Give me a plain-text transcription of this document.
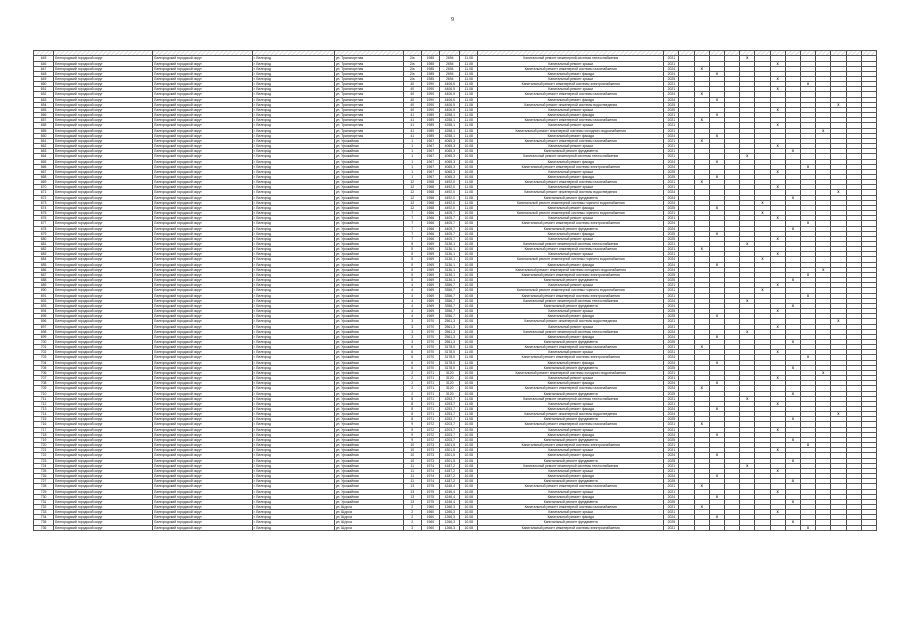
9

645	Белгородский городской округ	Белгородский городской округ	г. Белгород	ул. Транспортная	2/а	1985	2694	11.08	Капитальный ремонт инженерной системы теплоснабжения	2021					X								
646	Белгородский городской округ	Белгородский городской округ	г. Белгород	ул. Транспортная	2/а	1985	2694	11.08	Капитальный ремонт крыши	2021							X						
647	Белгородский городской округ	Белгородский городской округ	г. Белгород	ул. Транспортная	2/а	1985	2694	11.08	Капитальный ремонт инженерной системы газоснабжения	2024		X											
648	Белгородский городской округ	Белгородский городской округ	г. Белгород	ул. Транспортная	2/а	1985	2694	11.08	Капитальный ремонт фасада	2024			X										
649	Белгородский городской округ	Белгородский городской округ	г. Белгород	ул. Транспортная	2/а	1985	2694	11.08	Капитальный ремонт крыши	2025							X						
650	Белгородский городской округ	Белгородский городской округ	г. Белгород	ул. Транспортная	40	1990	4406,5	11.08	Капитальный ремонт инженерной системы электроснабжения	2021									X				
651	Белгородский городской округ	Белгородский городской округ	г. Белгород	ул. Транспортная	40	1990	4406,5	11.08	Капитальный ремонт крыши	2021							X						
652	Белгородский городской округ	Белгородский городской округ	г. Белгород	ул. Транспортная	40	1990	4406,5	11.08	Капитальный ремонт инженерной системы газоснабжения	2024		X											
653	Белгородский городской округ	Белгородский городской округ	г. Белгород	ул. Транспортная	40	1990	4406,5	11.08	Капитальный ремонт фасада	2024			X										
654	Белгородский городской округ	Белгородский городской округ	г. Белгород	ул. Транспортная	40	1990	4406,5	11.08	Капитальный ремонт инженерной системы водоотведения	2025											X		
655	Белгородский городской округ	Белгородский городской округ	г. Белгород	ул. Транспортная	40	1990	4406,5	11.08	Капитальный ремонт крыши	2025							X						
656	Белгородский городской округ	Белгородский городской округ	г. Белгород	ул. Транспортная	41	1989	4258,1	11.08	Капитальный ремонт фасада	2021			X										
657	Белгородский городской округ	Белгородский городской округ	г. Белгород	ул. Транспортная	41	1989	4258,1	11.08	Капитальный ремонт инженерной системы газоснабжения	2021		X											
658	Белгородский городской округ	Белгородский городской округ	г. Белгород	ул. Транспортная	41	1989	4258,1	11.08	Капитальный ремонт крыши	2021							X						
659	Белгородский городской округ	Белгородский городской округ	г. Белгород	ул. Транспортная	41	1989	4258,1	11.08	Капитальный ремонт инженерной системы холодного водоснабжения	2021										X			
660	Белгородский городской округ	Белгородский городской округ	г. Белгород	ул. Транспортная	41	1989	4258,1	11.08	Капитальный ремонт фасада	2024			X										
661	Белгородский городской округ	Белгородский городской округ	г. Белгород	ул. Урожайная	1	1967	4065,3	10.08	Капитальный ремонт инженерной системы газоснабжения	2021		X											
662	Белгородский городской округ	Белгородский городской округ	г. Белгород	ул. Урожайная	1	1967	4065,3	10.08	Капитальный ремонт крыши	2021							X						
663	Белгородский городской округ	Белгородский городской округ	г. Белгород	ул. Урожайная	1	1967	4065,3	10.08	Капитальный ремонт фундамента	2021								X					
664	Белгородский городской округ	Белгородский городской округ	г. Белгород	ул. Урожайная	1	1967	4065,3	10.08	Капитальный ремонт инженерной системы теплоснабжения	2021					X								
665	Белгородский городской округ	Белгородский городской округ	г. Белгород	ул. Урожайная	1	1967	4065,3	10.08	Капитальный ремонт фасада	2024			X										
666	Белгородский городской округ	Белгородский городской округ	г. Белгород	ул. Урожайная	1	1967	4065,3	10.08	Капитальный ремонт инженерной системы электроснабжения	2024									X				
667	Белгородский городской округ	Белгородский городской округ	г. Белгород	ул. Урожайная	1	1967	4065,3	10.08	Капитальный ремонт крыши	2025							X						
668	Белгородский городской округ	Белгородский городской округ	г. Белгород	ул. Урожайная	1	1967	4065,3	10.08	Капитальный ремонт фасада	2025			X										
669	Белгородский городской округ	Белгородский городской округ	г. Белгород	ул. Урожайная	12	1968	4492,0	11.08	Капитальный ремонт инженерной системы газоснабжения	2021		X											
670	Белгородский городской округ	Белгородский городской округ	г. Белгород	ул. Урожайная	12	1968	4492,0	11.08	Капитальный ремонт крыши	2021							X						
671	Белгородский городской округ	Белгородский городской округ	г. Белгород	ул. Урожайная	12	1968	4492,0	11.08	Капитальный ремонт инженерной системы водоотведения	2024											X		
672	Белгородский городской округ	Белгородский городской округ	г. Белгород	ул. Урожайная	12	1968	4492,0	11.08	Капитальный ремонт фундамента	2024								X					
673	Белгородский городской округ	Белгородский городской округ	г. Белгород	ул. Урожайная	12	1968	4492,0	11.08	Капитальный ремонт инженерной системы горячего водоснабжения	2024						X							
674	Белгородский городской округ	Белгородский городской округ	г. Белгород	ул. Урожайная	12	1968	4492,0	11.08	Капитальный ремонт фасада	2025			X										
675	Белгородский городской округ	Белгородский городской округ	г. Белгород	ул. Урожайная	7	1966	4405,7	10.08	Капитальный ремонт инженерной системы горячего водоснабжения	2021						X							
676	Белгородский городской округ	Белгородский городской округ	г. Белгород	ул. Урожайная	7	1966	4405,7	10.08	Капитальный ремонт крыши	2021							X						
677	Белгородский городской округ	Белгородский городской округ	г. Белгород	ул. Урожайная	7	1966	4405,7	10.08	Капитальный ремонт инженерной системы электроснабжения	2024									X				
678	Белгородский городской округ	Белгородский городской округ	г. Белгород	ул. Урожайная	7	1966	4405,7	10.08	Капитальный ремонт фундамента	2024								X					
679	Белгородский городской округ	Белгородский городской округ	г. Белгород	ул. Урожайная	7	1966	4405,7	10.08	Капитальный ремонт фасада	2025			X										
680	Белгородский городской округ	Белгородский городской округ	г. Белгород	ул. Урожайная	7	1966	4405,7	10.08	Капитальный ремонт крыши	2025							X						
681	Белгородский городской округ	Белгородский городской округ	г. Белгород	ул. Урожайная	5	1969	3136,1	10.08	Капитальный ремонт инженерной системы теплоснабжения	2021					X								
682	Белгородский городской округ	Белгородский городской округ	г. Белгород	ул. Урожайная	5	1969	3136,1	10.08	Капитальный ремонт инженерной системы газоснабжения	2021		X											
683	Белгородский городской округ	Белгородский городской округ	г. Белгород	ул. Урожайная	5	1969	3136,1	10.08	Капитальный ремонт крыши	2021							X						
684	Белгородский городской округ	Белгородский городской округ	г. Белгород	ул. Урожайная	5	1969	3136,1	10.08	Капитальный ремонт инженерной системы горячего водоснабжения	2024						X							
685	Белгородский городской округ	Белгородский городской округ	г. Белгород	ул. Урожайная	5	1969	3136,1	10.08	Капитальный ремонт фасада	2024			X										
686	Белгородский городской округ	Белгородский городской округ	г. Белгород	ул. Урожайная	5	1969	3136,1	10.08	Капитальный ремонт инженерной системы холодного водоснабжения	2024										X			
687	Белгородский городской округ	Белгородский городской округ	г. Белгород	ул. Урожайная	5	1969	3136,1	10.08	Капитальный ремонт инженерной системы электроснабжения	2025									X				
688	Белгородский городской округ	Белгородский городской округ	г. Белгород	ул. Урожайная	5	1969	3136,1	10.08	Капитальный ремонт фундамента	2025								X					
689	Белгородский городской округ	Белгородский городской округ	г. Белгород	ул. Урожайная	4	1969	3356,7	10.08	Капитальный ремонт крыши	2021							X						
690	Белгородский городской округ	Белгородский городской округ	г. Белгород	ул. Урожайная	4	1969	3356,7	10.08	Капитальный ремонт инженерной системы горячего водоснабжения	2021						X							
691	Белгородский городской округ	Белгородский городской округ	г. Белгород	ул. Урожайная	4	1969	3356,7	10.08	Капитальный ремонт инженерной системы электроснабжения	2021									X				
692	Белгородский городской округ	Белгородский городской округ	г. Белгород	ул. Урожайная	4	1969	3356,7	10.08	Капитальный ремонт инженерной системы теплоснабжения	2024					X								
693	Белгородский городской округ	Белгородский городской округ	г. Белгород	ул. Урожайная	4	1969	3356,7	10.08	Капитальный ремонт фундамента	2024								X					
694	Белгородский городской округ	Белгородский городской округ	г. Белгород	ул. Урожайная	4	1969	3356,7	10.08	Капитальный ремонт крыши	2025							X						
695	Белгородский городской округ	Белгородский городской округ	г. Белгород	ул. Урожайная	4	1969	3356,7	10.08	Капитальный ремонт фасада	2025			X										
696	Белгородский городской округ	Белгородский городской округ	г. Белгород	ул. Урожайная	3	1970	2561,3	10.08	Капитальный ремонт инженерной системы водоотведения	2021											X		
697	Белгородский городской округ	Белгородский городской округ	г. Белгород	ул. Урожайная	3	1970	2561,3	10.08	Капитальный ремонт крыши	2021							X						
698	Белгородский городской округ	Белгородский городской округ	г. Белгород	ул. Урожайная	3	1970	2561,3	10.08	Капитальный ремонт инженерной системы теплоснабжения	2024					X								
699	Белгородский городской округ	Белгородский городской округ	г. Белгород	ул. Урожайная	3	1970	2561,3	10.08	Капитальный ремонт фасада	2024			X										
700	Белгородский городской округ	Белгородский городской округ	г. Белгород	ул. Урожайная	3	1970	2561,3	10.08	Капитальный ремонт фундамента	2025								X					
701	Белгородский городской округ	Белгородский городской округ	г. Белгород	ул. Урожайная	6	1970	3178,0	11.08	Капитальный ремонт инженерной системы газоснабжения	2021		X											
702	Белгородский городской округ	Белгородский городской округ	г. Белгород	ул. Урожайная	6	1970	3178,0	11.08	Капитальный ремонт крыши	2021							X						
703	Белгородский городской округ	Белгородский городской округ	г. Белгород	ул. Урожайная	6	1970	3178,0	11.08	Капитальный ремонт инженерной системы электроснабжения	2024									X				
704	Белгородский городской округ	Белгородский городской округ	г. Белгород	ул. Урожайная	6	1970	3178,0	11.08	Капитальный ремонт фасада	2024			X										
705	Белгородский городской округ	Белгородский городской округ	г. Белгород	ул. Урожайная	6	1970	3178,0	11.08	Капитальный ремонт фундамента	2025								X					
706	Белгородский городской округ	Белгородский городской округ	г. Белгород	ул. Урожайная	2	1971	3120	10.08	Капитальный ремонт инженерной системы холодного водоснабжения	2021										X			
707	Белгородский городской округ	Белгородский городской округ	г. Белгород	ул. Урожайная	2	1971	3120	10.08	Капитальный ремонт крыши	2021							X						
708	Белгородский городской округ	Белгородский городской округ	г. Белгород	ул. Урожайная	2	1971	3120	10.08	Капитальный ремонт фасада	2024			X										
709	Белгородский городской округ	Белгородский городской округ	г. Белгород	ул. Урожайная	2	1971	3120	10.08	Капитальный ремонт инженерной системы газоснабжения	2024		X											
710	Белгородский городской округ	Белгородский городской округ	г. Белгород	ул. Урожайная	2	1971	3120	10.08	Капитальный ремонт фундамента	2025								X					
711	Белгородский городской округ	Белгородский городской округ	г. Белгород	ул. Урожайная	8	1971	4253,7	11.08	Капитальный ремонт инженерной системы теплоснабжения	2021					X								
712	Белгородский городской округ	Белгородский городской округ	г. Белгород	ул. Урожайная	8	1971	4253,7	11.08	Капитальный ремонт крыши	2021							X						
713	Белгородский городской округ	Белгородский городской округ	г. Белгород	ул. Урожайная	8	1971	4253,7	11.08	Капитальный ремонт фасада	2024			X										
714	Белгородский городской округ	Белгородский городской округ	г. Белгород	ул. Урожайная	8	1971	4253,7	11.08	Капитальный ремонт инженерной системы водоотведения	2024											X		
715	Белгородский городской округ	Белгородский городской округ	г. Белгород	ул. Урожайная	8	1971	4253,7	11.08	Капитальный ремонт фундамента	2025								X					
716	Белгородский городской округ	Белгородский городской округ	г. Белгород	ул. Урожайная	9	1972	4203,7	10.08	Капитальный ремонт инженерной системы газоснабжения	2021		X											
717	Белгородский городской округ	Белгородский городской округ	г. Белгород	ул. Урожайная	9	1972	4203,7	10.08	Капитальный ремонт крыши	2021							X						
718	Белгородский городской округ	Белгородский городской округ	г. Белгород	ул. Урожайная	9	1972	4203,7	10.08	Капитальный ремонт фасада	2024			X										
719	Белгородский городской округ	Белгородский городской округ	г. Белгород	ул. Урожайная	9	1972	4203,7	10.08	Капитальный ремонт фундамента	2025								X					
720	Белгородский городской округ	Белгородский городской округ	г. Белгород	ул. Урожайная	10	1973	4301,5	10.08	Капитальный ремонт инженерной системы электроснабжения	2021									X				
721	Белгородский городской округ	Белгородский городской округ	г. Белгород	ул. Урожайная	10	1973	4301,5	10.08	Капитальный ремонт крыши	2021							X						
722	Белгородский городской округ	Белгородский городской округ	г. Белгород	ул. Урожайная	10	1973	4301,5	10.08	Капитальный ремонт фасада	2024			X										
723	Белгородский городской округ	Белгородский городской округ	г. Белгород	ул. Урожайная	10	1973	4301,5	10.08	Капитальный ремонт фундамента	2025								X					
724	Белгородский городской округ	Белгородский городской округ	г. Белгород	ул. Урожайная	11	1974	4187,2	10.08	Капитальный ремонт инженерной системы теплоснабжения	2021					X								
725	Белгородский городской округ	Белгородский городской округ	г. Белгород	ул. Урожайная	11	1974	4187,2	10.08	Капитальный ремонт крыши	2021							X						
726	Белгородский городской округ	Белгородский городской округ	г. Белгород	ул. Урожайная	11	1974	4187,2	10.08	Капитальный ремонт фасада	2024			X										
727	Белгородский городской округ	Белгородский городской округ	г. Белгород	ул. Урожайная	11	1974	4187,2	10.08	Капитальный ремонт фундамента	2025								X					
728	Белгородский городской округ	Белгородский городской округ	г. Белгород	ул. Урожайная	13	1975	4246,4	10.08	Капитальный ремонт инженерной системы газоснабжения	2021		X											
729	Белгородский городской округ	Белгородский городской округ	г. Белгород	ул. Урожайная	13	1975	4246,4	10.08	Капитальный ремонт крыши	2021							X						
730	Белгородский городской округ	Белгородский городской округ	г. Белгород	ул. Урожайная	13	1975	4246,4	10.08	Капитальный ремонт фасада	2024			X										
731	Белгородский городской округ	Белгородский городской округ	г. Белгород	ул. Урожайная	13	1975	4246,4	10.08	Капитальный ремонт фундамента	2025								X					
732	Белгородский городской округ	Белгородский городской округ	г. Белгород	ул. Щорса	2	1960	1266,3	10.08	Капитальный ремонт инженерной системы газоснабжения	2021		X											
733	Белгородский городской округ	Белгородский городской округ	г. Белгород	ул. Щорса	2	1960	1266,3	10.08	Капитальный ремонт крыши	2021							X						
734	Белгородский городской округ	Белгородский городской округ	г. Белгород	ул. Щорса	2	1960	1266,3	10.08	Капитальный ремонт фасада	2024			X										
735	Белгородский городской округ	Белгородский городской округ	г. Белгород	ул. Щорса	2	1960	1266,3	10.08	Капитальный ремонт фундамента	2025								X					
736	Белгородский городской округ	Белгородский городской округ	г. Белгород	ул. Щорса	3	1960	1266,3	10.08	Капитальный ремонт инженерной системы электроснабжения	2021									X				
